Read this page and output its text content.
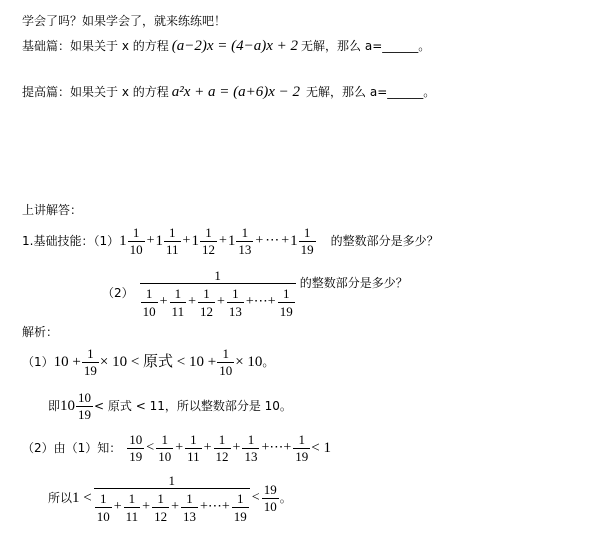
学会了吗？如果学会了，就来练练吧！
基础篇：如果关于 x 的方程 (a−2)x = (4−a)x + 2 无解，那么 a=______。
提高篇：如果关于 x 的方程 a²x + a = (a+6)x − 2 无解，那么 a=______。
上讲解答：
1.基础技能：（1） 1
1
10
+ 1
1
11
+ 1
1
12
+ 1
1
13
+ ⋯ + 1
1
19
的整数部分是多少？
（2）
1
1
10
+ $\frac{1}{11} + \frac{1}{12} + \frac{1}{13}$ +⋯+ $\frac{1}{19}$
的整数部分是多少？
解析：
（1） $10 + \frac{1}{19} \times 10$ < 原式 < $10 + \frac{1}{10} \times 10$ 。
即 10
10
19
< 原式 < 11，所以整数部分是 10。
（2）由（1）知：
10
19
<
1
10
+ $\frac{1}{11} + \frac{1}{12} + \frac{1}{13}$ +⋯+ $\frac{1}{19} < 1$
所以 1 <
1
1
10
+ $\frac{1}{11} + \frac{1}{12} + \frac{1}{13}$ +⋯+ $\frac{1}{19}$ <
19
10
。
